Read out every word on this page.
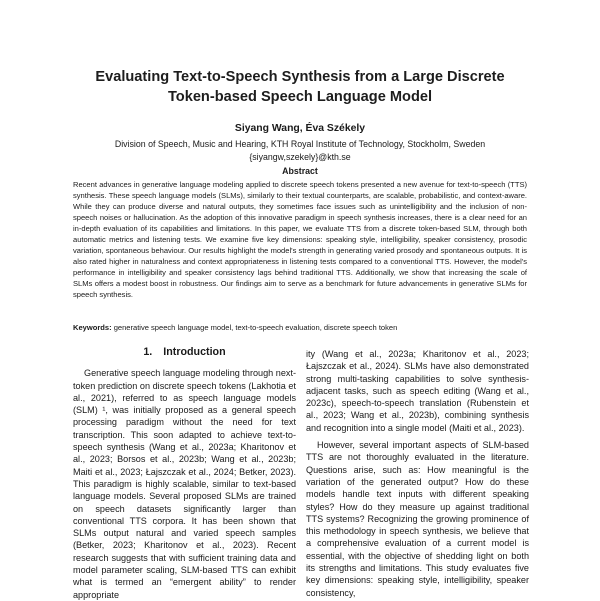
Evaluating Text-to-Speech Synthesis from a Large Discrete
Token-based Speech Language Model

Siyang Wang, Éva Székely

Division of Speech, Music and Hearing, KTH Royal Institute of Technology, Stockholm, Sweden

{siyangw,szekely}@kth.se

Abstract

Recent advances in generative language modeling applied to discrete speech tokens presented a new avenue for text-to-speech (TTS) synthesis. These speech language models (SLMs), similarly to their textual counterparts, are scalable, probabilistic, and context-aware. While they can produce diverse and natural outputs, they sometimes face issues such as unintelligibility and the inclusion of non-speech noises or hallucination. As the adoption of this innovative paradigm in speech synthesis increases, there is a clear need for an in-depth evaluation of its capabilities and limitations. In this paper, we evaluate TTS from a discrete token-based SLM, through both automatic metrics and listening tests. We examine five key dimensions: speaking style, intelligibility, speaker consistency, prosodic variation, spontaneous behaviour. Our results highlight the model's strength in generating varied prosody and spontaneous outputs. It is also rated higher in naturalness and context appropriateness in listening tests compared to a conventional TTS. However, the model's performance in intelligibility and speaker consistency lags behind traditional TTS. Additionally, we show that increasing the scale of SLMs offers a modest boost in robustness. Our findings aim to serve as a benchmark for future advancements in generative SLMs for speech synthesis.

Keywords: generative speech language model, text-to-speech evaluation, discrete speech token

1. Introduction

Generative speech language modeling through next-token prediction on discrete speech tokens (Lakhotia et al., 2021), referred to as speech language models (SLM) ¹, was initially proposed as a general speech processing paradigm without the need for text transcription. This soon adapted to achieve text-to-speech synthesis (Wang et al., 2023a; Kharitonov et al., 2023; Borsos et al., 2023b; Wang et al., 2023b; Maiti et al., 2023; Łajszczak et al., 2024; Betker, 2023). This paradigm is highly scalable, similar to text-based language models. Several proposed SLMs are trained on speech datasets significantly larger than conventional TTS corpora. It has been shown that SLMs output natural and varied speech samples (Betker, 2023; Kharitonov et al., 2023). Recent research suggests that with sufficient training data and model parameter scaling, SLM-based TTS can exhibit what is termed an “emergent ability” to render appropriate

ity (Wang et al., 2023a; Kharitonov et al., 2023; Łajszczak et al., 2024). SLMs have also demonstrated strong multi-tasking capabilities to solve synthesis-adjacent tasks, such as speech editing (Wang et al., 2023c), speech-to-speech translation (Rubenstein et al., 2023; Wang et al., 2023b), combining synthesis and recognition into a single model (Maiti et al., 2023).

However, several important aspects of SLM-based TTS are not thoroughly evaluated in the literature. Questions arise, such as: How meaningful is the variation of the generated output? How do these models handle text inputs with different speaking styles? How do they measure up against traditional TTS systems? Recognizing the growing prominence of this methodology in speech synthesis, we believe that a comprehensive evaluation of a current model is essential, with the objective of shedding light on both its strengths and limitations. This study evaluates five key dimensions: speaking style, intelligibility, speaker consistency,
